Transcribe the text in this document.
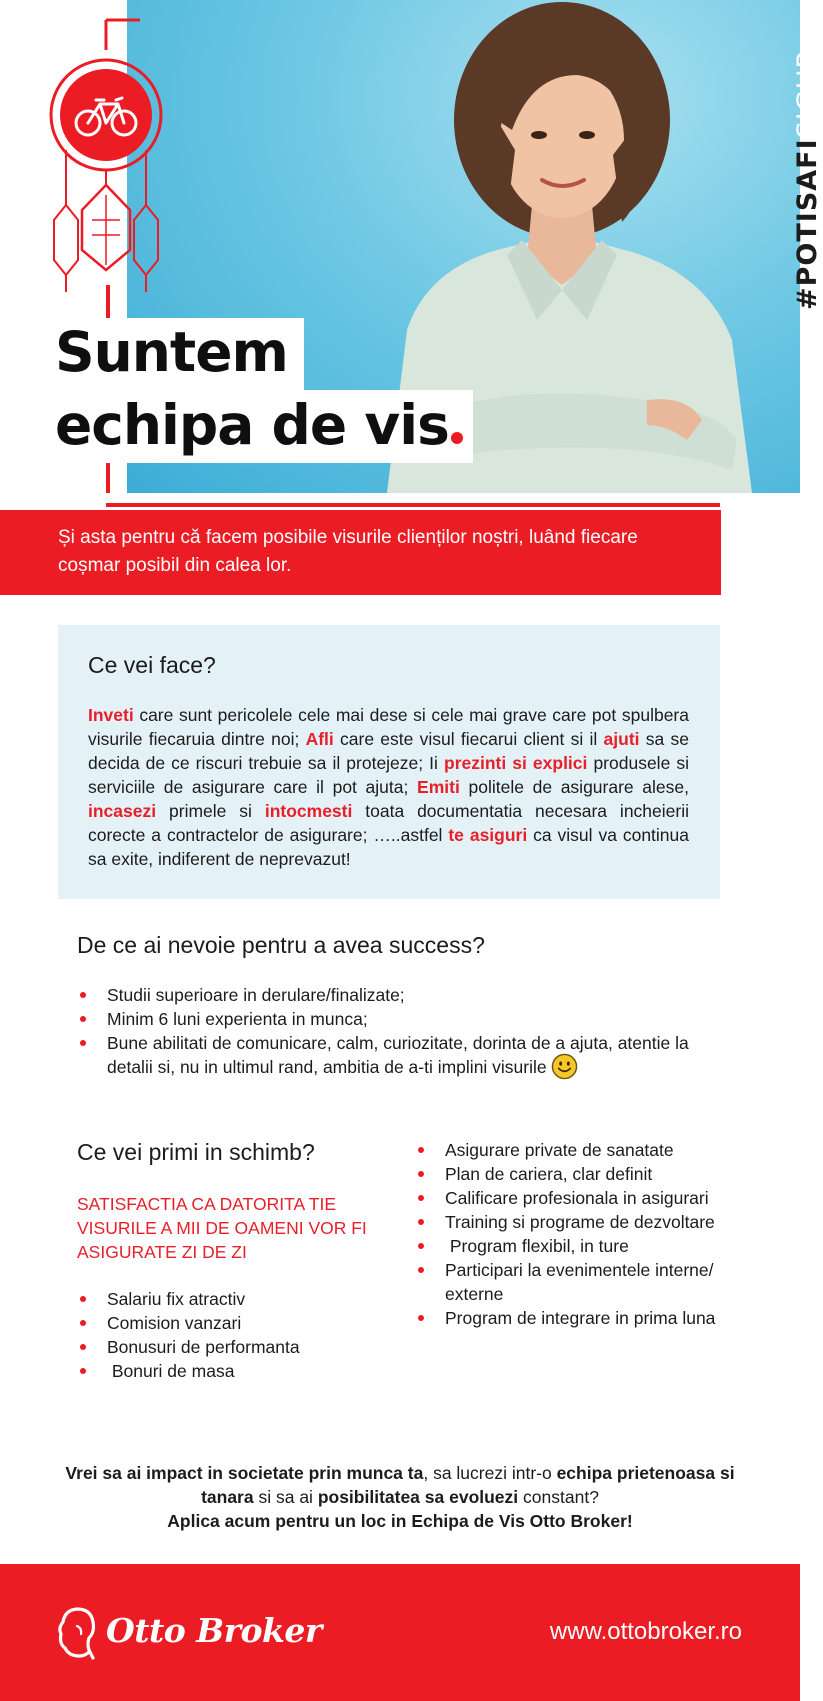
#POTISAFISIGUR
Suntem
echipa de vis
Și asta pentru că facem posibile visurile clienților noștri, luând fiecare coșmar posibil din calea lor.
Ce vei face?

Inveti care sunt pericolele cele mai dese si cele mai grave care pot spulbera visurile fiecaruia dintre noi; Afli care este visul fiecarui client si il ajuti sa se decida de ce riscuri trebuie sa il protejeze; Ii prezinti si explici produsele si serviciile de asigurare care il pot ajuta; Emiti politele de asigurare alese, incasezi primele si intocmesti toata documentatia necesara incheierii corecte a contractelor de asigurare; …..astfel te asiguri ca visul va continua sa exite, indiferent de neprevazut!

De ce ai nevoie pentru a avea success?
Studii superioare in derulare/finalizate;
Minim 6 luni experienta in munca;
Bune abilitati de comunicare, calm, curiozitate, dorinta de a ajuta, atentie la detalii si, nu in ultimul rand, ambitia de a-ti implini visurile
Ce vei primi in schimb?
SATISFACTIA CA DATORITA TIE VISURILE A MII DE OAMENI VOR FI ASIGURATE ZI DE ZI
Salariu fix atractiv
Comision vanzari
Bonusuri de performanta
Bonuri de masa
Asigurare private de sanatate
Plan de cariera, clar definit
Calificare profesionala in asigurari
Training si programe de dezvoltare
Program flexibil, in ture
Participari la evenimentele interne/ externe
Program de integrare in prima luna
Vrei sa ai impact in societate prin munca ta, sa lucrezi intr-o echipa prietenoasa si tanara si sa ai posibilitatea sa evoluezi constant?
Aplica acum pentru un loc in Echipa de Vis Otto Broker!
Otto Broker	www.ottobroker.ro
